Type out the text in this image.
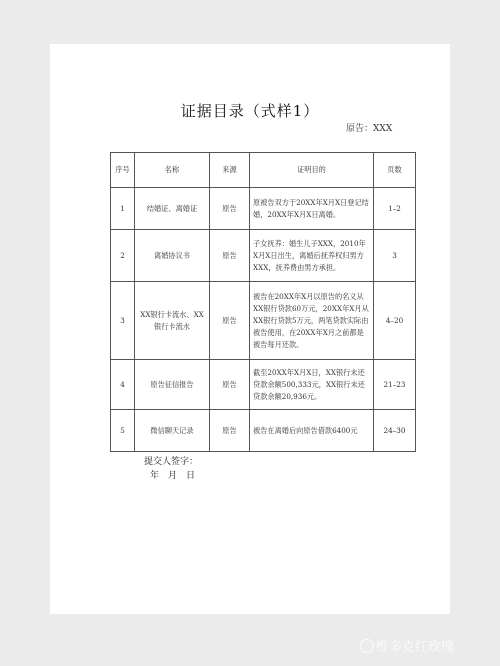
证据目录（式样1）
原告：XXX
序号	名称	来源	证明目的	页数
1	结婚证、离婚证	原告	原被告双方于20XX年X月X日登记结婚，20XX年X月X日离婚。	1–2
2	离婚协议书	原告	子女抚养：婚生儿子XXX，2010年X月X日出生，离婚后抚养权归男方XXX，抚养费由男方承担。	3
3	XX银行卡流水、XX银行卡流水	原告	被告在20XX年X月以原告的名义从XX银行贷款60万元，20XX年X月从XX银行贷款5万元，两笔贷款实际由被告使用，在20XX年X月之前都是被告每月还款。	4–20
4	原告征信报告	原告	截至20XX年X月X日，XX银行未还贷款余额500,333元，XX银行未还贷款余额20,936元。	21–23
5	微信聊天记录	原告	被告在离婚后向原告借款6400元	24–30
提交人签字：
年　月　日
维多克红玫瑰
